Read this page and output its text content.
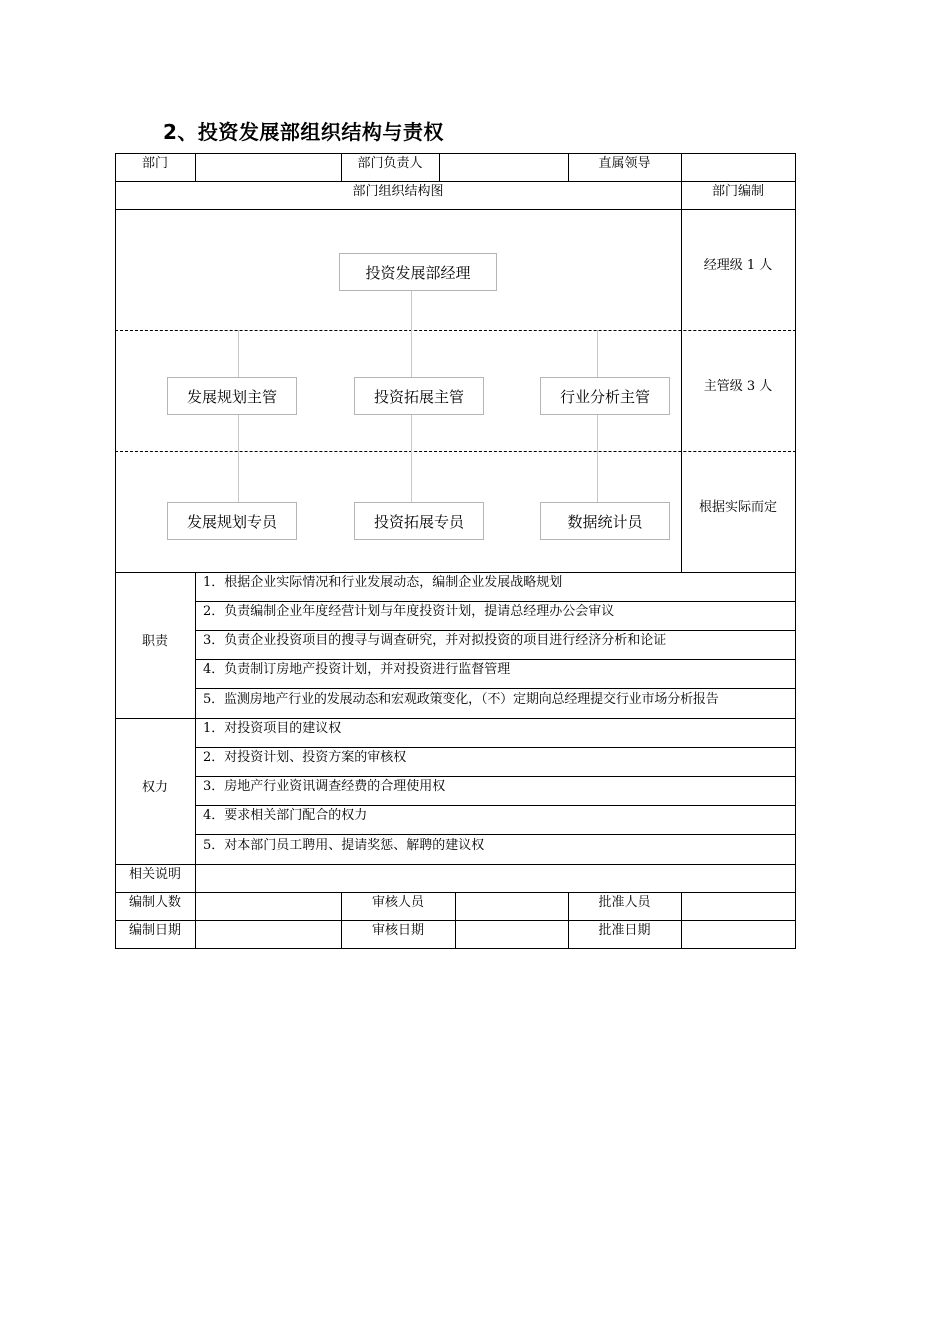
2、投资发展部组织结构与责权
部门	部门负责人	直属领导
部门组织结构图	部门编制
投资发展部经理
发展规划主管	投资拓展主管	行业分析主管
发展规划专员	投资拓展专员	数据统计员
经理级 1 人
主管级 3 人
根据实际而定
职责
1．根据企业实际情况和行业发展动态，编制企业发展战略规划
2．负责编制企业年度经营计划与年度投资计划，提请总经理办公会审议
3．负责企业投资项目的搜寻与调查研究，并对拟投资的项目进行经济分析和论证
4．负责制订房地产投资计划，并对投资进行监督管理
5．监测房地产行业的发展动态和宏观政策变化，（不）定期向总经理提交行业市场分析报告
权力
1．对投资项目的建议权
2．对投资计划、投资方案的审核权
3．房地产行业资讯调查经费的合理使用权
4．要求相关部门配合的权力
5．对本部门员工聘用、提请奖惩、解聘的建议权
相关说明
编制人数	审核人员	批准人员
编制日期	审核日期	批准日期
